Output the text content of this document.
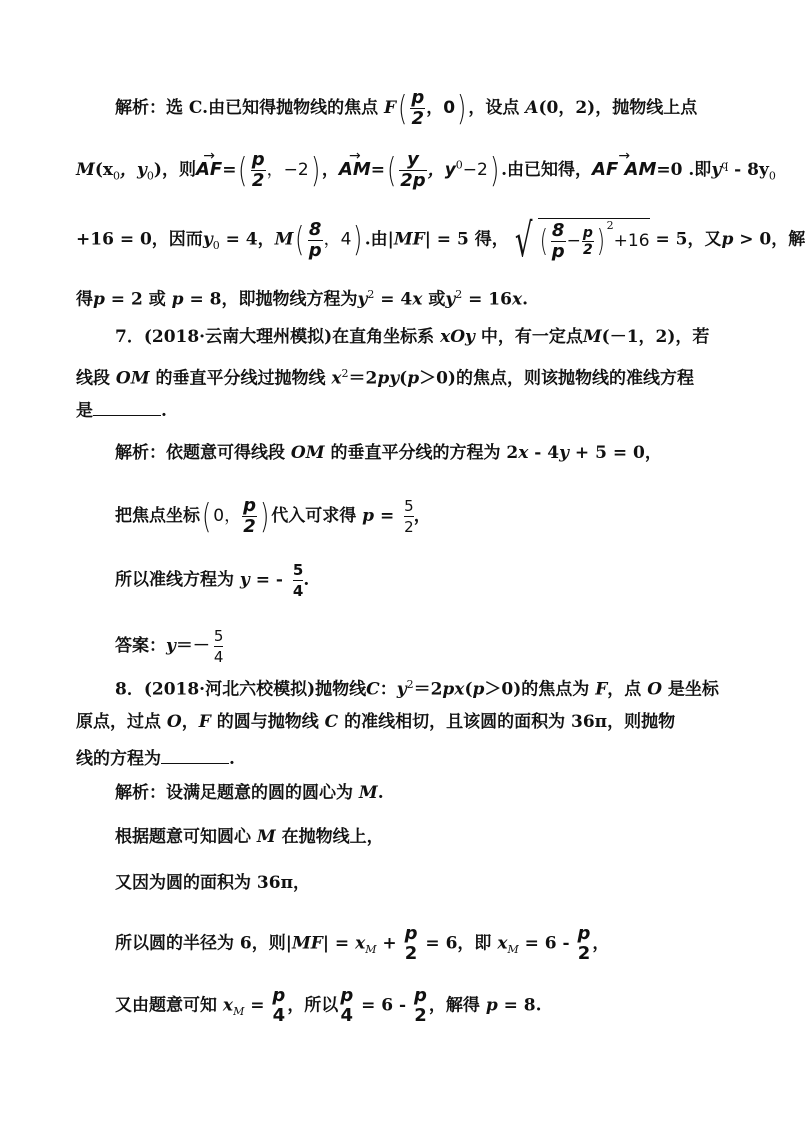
解析：选 C.由已知得抛物线的焦点 $F( \frac{p}{2}$ ，0) ，设点 A(0，2)，抛物线上点
$M(x_0$，$y_0$)，则→ $AF=( \frac{p}{2}$ ，−2) ，→ $AM=( \frac{y}{2p}$ ，$y^0-2$) .由已知得，→ AF AM=0 .即$y^q - 8y_0$
+16 = 0，因而$y_0 = 4$，$M( \frac{8}{p}$ ，4) .由|MF| = 5 得， √ ( $\frac{8}{p} - \frac{p}{2}$ ) $^2$+16 = 5，又p > 0，解
得p = 2 或 p = 8，即抛物线方程为$y^2 = 4x$ 或$y^2 = 16x$.
7．(2018·云南大理州模拟)在直角坐标系 xOy 中，有一定点M(－1，2)，若
线段 OM 的垂直平分线过抛物线 $x^2=2py(p>0)$的焦点，则该抛物线的准线方程
是	.
解析：依题意可得线段 OM 的垂直平分线的方程为 2x - 4y + 5 = 0，
把焦点坐标( 0， $\frac{p}{2}$ ) 代入可求得 $p = \frac{5}{2}$ ，
所以准线方程为 y = - $\frac{5}{4}$ .
答案：$y=- \frac{5}{4}$
8．(2018·河北六校模拟)抛物线C：$y^2=2px(p>0)$的焦点为 F，点 O 是坐标
原点，过点 O，F 的圆与抛物线 C 的准线相切，且该圆的面积为 36π，则抛物
线的方程为	.
解析：设满足题意的圆的圆心为 M.
根据题意可知圆心 M 在抛物线上，
又因为圆的面积为 36π，
所以圆的半径为 6，则$|MF| = x_M + p$
2 = 6，即 $x_M = 6 - p$
2 ，
又由题意可知 $x_M = p$
4 ，所以 p
4 = 6 - p
2 ，解得 p = 8.
